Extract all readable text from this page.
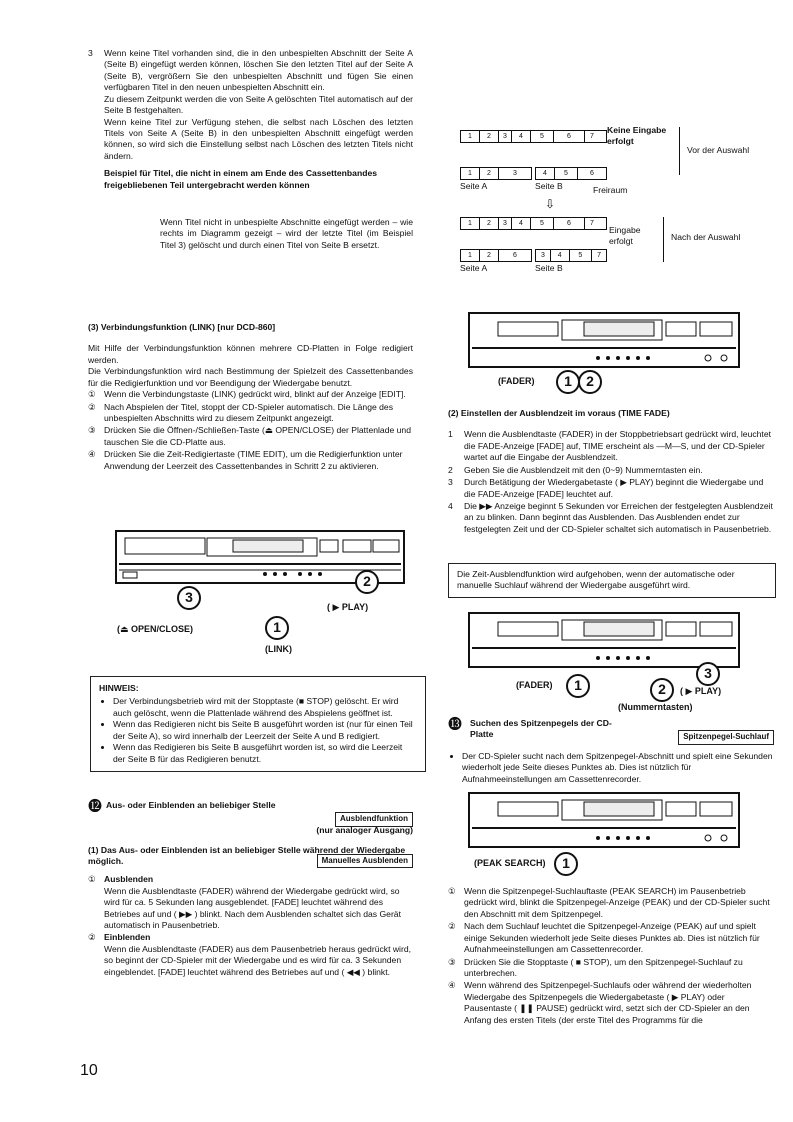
3 Wenn keine Titel vorhanden sind, die in den unbespielten Abschnitt der Seite A (Seite B) eingefügt werden können, löschen Sie den letzten Titel auf der Seite A (Seite B), vergrößern Sie den unbespielten Abschnitt und fügen Sie einen verfügbaren Titel in den neuen unbespielten Abschnitt ein.

Zu diesem Zeitpunkt werden die von Seite A gelöschten Titel automatisch auf der Seite B festgehalten.

Wenn keine Titel zur Verfügung stehen, die selbst nach Löschen des letzten Titels von Seite A (Seite B) in den unbespielten Abschnitt eingefügt werden können, so wird sich die Einstellung selbst nach Löschen des letzten Titels nicht ändern.

Beispiel für Titel, die nicht in einem am Ende des Cassettenbandes freigebliebenen Teil untergebracht werden können

Wenn Titel nicht in unbespielte Abschnitte eingefügt werden – wie rechts im Diagramm gezeigt – wird der letzte Titel (im Beispiel Titel 3) gelöscht und durch einen Titel von Seite B ersetzt.

(3) Verbindungsfunktion (LINK) [nur DCD-860]

Mit Hilfe der Verbindungsfunktion können mehrere CD-Platten in Folge redigiert werden.

Die Verbindungsfunktion wird nach Bestimmung der Spielzeit des Cassettenbandes für die Redigierfunktion und vor Beendigung der Wiedergabe benutzt.

① Wenn die Verbindungstaste (LINK) gedrückt wird, blinkt auf der Anzeige [EDIT].
② Nach Abspielen der Titel, stoppt der CD-Spieler automatisch. Die Länge des unbespielten Abschnitts wird zu diesem Zeitpunkt angezeigt.
③ Drücken Sie die Öffnen-/Schließen-Taste (⏏ OPEN/CLOSE) der Plattenlade und tauschen Sie die CD-Platte aus.
④ Drücken Sie die Zeit-Redigiertaste (TIME EDIT), um die Redigierfunktion unter Anwendung der Leerzeit des Cassettenbandes in Schritt 2 zu aktivieren.
3
2
1
(⏏ OPEN/CLOSE)
( ▶ PLAY)
(LINK)

HINWEIS:

• Der Verbindungsbetrieb wird mit der Stopptaste (■ STOP) gelöscht. Er wird auch gelöscht, wenn die Plattenlade während des Abspielens geöffnet ist.
• Wenn das Redigieren nicht bis Seite B ausgeführt worden ist (nur für einen Teil der Seite A), so wird innerhalb der Leerzeit der Seite A und B redigiert.
• Wenn das Redigieren bis Seite B ausgeführt worden ist, so wird die Leerzeit der Seite B für das Redigieren benutzt.
⓬ Aus- oder Einblenden an beliebiger Stelle

Ausblendfunktion

(nur analoger Ausgang)

(1) Das Aus- oder Einblenden ist an beliebiger Stelle während der Wiedergabe möglich.	Manuelles Ausblenden
① Ausblenden
Wenn die Ausblendtaste (FADER) während der Wiedergabe gedrückt wird, so wird für ca. 5 Sekunden lang ausgeblendet. [FADE] leuchtet während des Betriebes auf und ( ▶▶ ) blinkt. Nach dem Ausblenden schaltet sich das Gerät automatisch in Pausenbetrieb.
② Einblenden
Wenn die Ausblendtaste (FADER) aus dem Pausenbetrieb heraus gedrückt wird, so beginnt der CD-Spieler mit der Wiedergabe und es wird für ca. 3 Sekunden eingeblendet. [FADE] leuchtet während des Betriebes auf und ( ◀◀ ) blinkt.
10
1	2	3	4	5	6	7
Keine Eingabe erfolgt
Vor der Auswahl
1	2	3	4	5	6
Seite A	Seite B	Freiraum
⇩
1	2	3	4	5	6	7
Eingabe erfolgt	Nach der Auswahl
1	2	6	3	4	5	7
Seite A	Seite B
(FADER)	1	2

(2) Einstellen der Ausblendzeit im voraus (TIME FADE)

1 Wenn die Ausblendtaste (FADER) in der Stoppbetriebsart gedrückt wird, leuchtet die FADE-Anzeige [FADE] auf, TIME erscheint als —M—S, und der CD-Spieler wartet auf die Eingabe der Ausblendzeit.
2 Geben Sie die Ausblendzeit mit den (0~9) Nummerntasten ein.
3 Durch Betätigung der Wiedergabetaste ( ▶ PLAY) beginnt die Wiedergabe und die FADE-Anzeige [FADE] leuchtet auf.
4 Die ▶▶ Anzeige beginnt 5 Sekunden vor Erreichen der festgelegten Ausblendzeit an zu blinken. Dann beginnt das Ausblenden. Das Ausblenden endet zur festgelegten Zeit und der CD-Spieler schaltet sich automatisch in Pausenbetrieb.

Die Zeit-Ausblendfunktion wird aufgehoben, wenn der automatische oder manuelle Suchlauf während der Wiedergabe ausgeführt wird.

(FADER)	1	2
3
( ▶ PLAY)
(Nummerntasten)
⓭ Suchen des Spitzenpegels der CD-Platte	Spitzenpegel-Suchlauf
• Der CD-Spieler sucht nach dem Spitzenpegel-Abschnitt und spielt eine Sekunden wiederholt jede Seite dieses Punktes ab. Dies ist nützlich für Aufnahmeeinstellungen am Cassettenrecorder.
(PEAK SEARCH)	1
① Wenn die Spitzenpegel-Suchlauftaste (PEAK SEARCH) im Pausenbetrieb gedrückt wird, blinkt die Spitzenpegel-Anzeige (PEAK) und der CD-Spieler sucht den Abschnitt mit dem Spitzenpegel.
② Nach dem Suchlauf leuchtet die Spitzenpegel-Anzeige (PEAK) auf und spielt einige Sekunden wiederholt jede Seite dieses Punktes ab. Dies ist nützlich für Aufnahmeeinstellungen am Cassettenrecorder.
③ Drücken Sie die Stopptaste ( ■ STOP), um den Spitzenpegel-Suchlauf zu unterbrechen.
④ Wenn während des Spitzenpegel-Suchlaufs oder während der wiederholten Wiedergabe des Spitzenpegels die Wiedergabetaste ( ▶ PLAY) oder Pausentaste ( ❚❚ PAUSE) gedrückt wird, setzt sich der CD-Spieler an den Anfang des ersten Titels (der erste Titel des Programms für die
